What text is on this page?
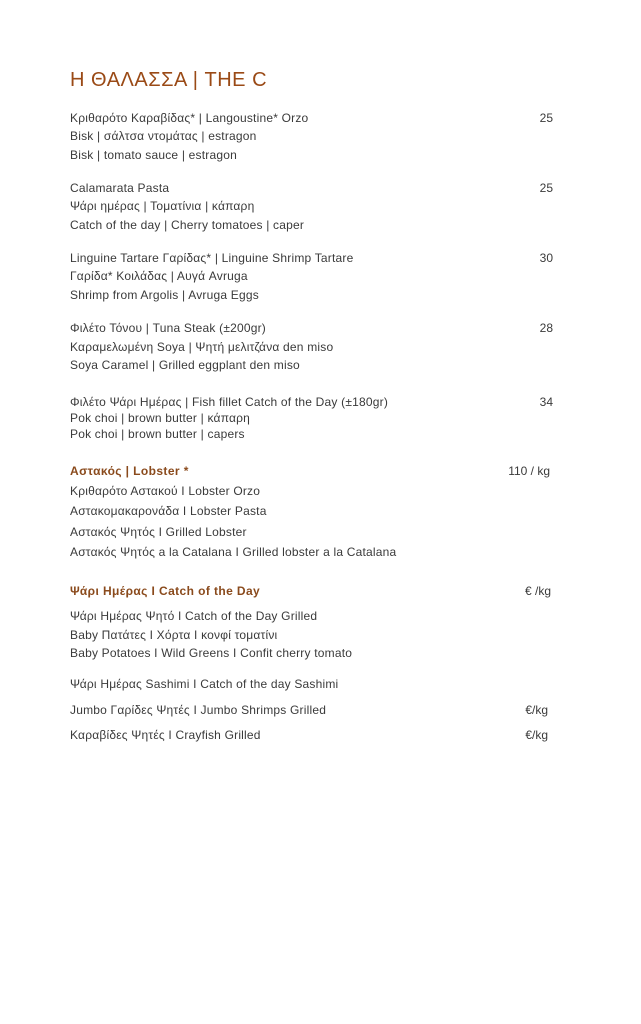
Η ΘΑΛΑΣΣΑ | THE C
Κριθαρότο Καραβίδας* | Langoustine* Orzo	25
Bisk | σάλτσα ντομάτας | estragon
Bisk | tomato sauce | estragon
Calamarata Pasta	25
Ψάρι ημέρας | Τοματίνια | κάπαρη
Catch of the day | Cherry tomatoes | caper
Linguine Tartare Γαρίδας* | Linguine Shrimp Tartare	30
Γαρίδα* Κοιλάδας | Αυγά Avruga
Shrimp from Argolis | Avruga Eggs
Φιλέτο Τόνου | Tuna Steak (±200gr)	28
Καραμελωμένη Soya | Ψητή μελιτζάνα den miso
Soya Caramel | Grilled eggplant den miso
Φιλέτο Ψάρι Ημέρας | Fish fillet Catch of the Day (±180gr)	34
Pok choi | brown butter | κάπαρη
Pok choi | brown butter | capers
Αστακός | Lobster *	110 / kg
Κριθαρότο Αστακού I Lobster Orzo
Αστακομακαρονάδα I Lobster Pasta
Αστακός Ψητός I Grilled Lobster
Αστακός Ψητός a la Catalana I Grilled lobster a la Catalana
Ψάρι Ημέρας I Catch of the Day	€ /kg
Ψάρι Ημέρας Ψητό I Catch of the Day Grilled
Baby Πατάτες I Χόρτα I κονφί τοματίνι
Baby Potatoes I Wild Greens I Confit cherry tomato
Ψάρι Ημέρας Sashimi I Catch of the day Sashimi
Jumbo Γαρίδες Ψητές I Jumbo Shrimps Grilled	€/kg
Καραβίδες Ψητές I Crayfish Grilled	€/kg
